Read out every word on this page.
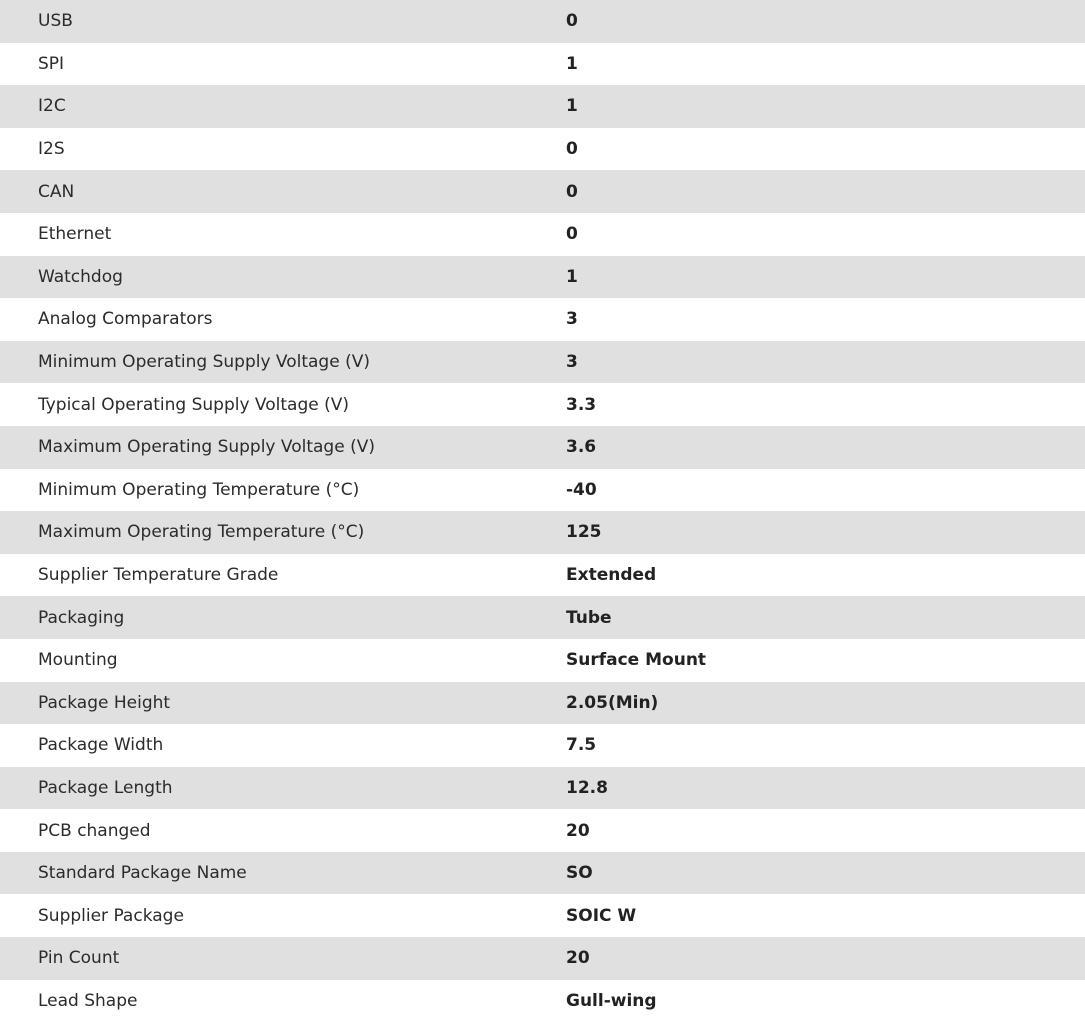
USB	0
SPI	1
I2C	1
I2S	0
CAN	0
Ethernet	0
Watchdog	1
Analog Comparators	3
Minimum Operating Supply Voltage (V)	3
Typical Operating Supply Voltage (V)	3.3
Maximum Operating Supply Voltage (V)	3.6
Minimum Operating Temperature (°C)	-40
Maximum Operating Temperature (°C)	125
Supplier Temperature Grade	Extended
Packaging	Tube
Mounting	Surface Mount
Package Height	2.05(Min)
Package Width	7.5
Package Length	12.8
PCB changed	20
Standard Package Name	SO
Supplier Package	SOIC W
Pin Count	20
Lead Shape	Gull-wing
